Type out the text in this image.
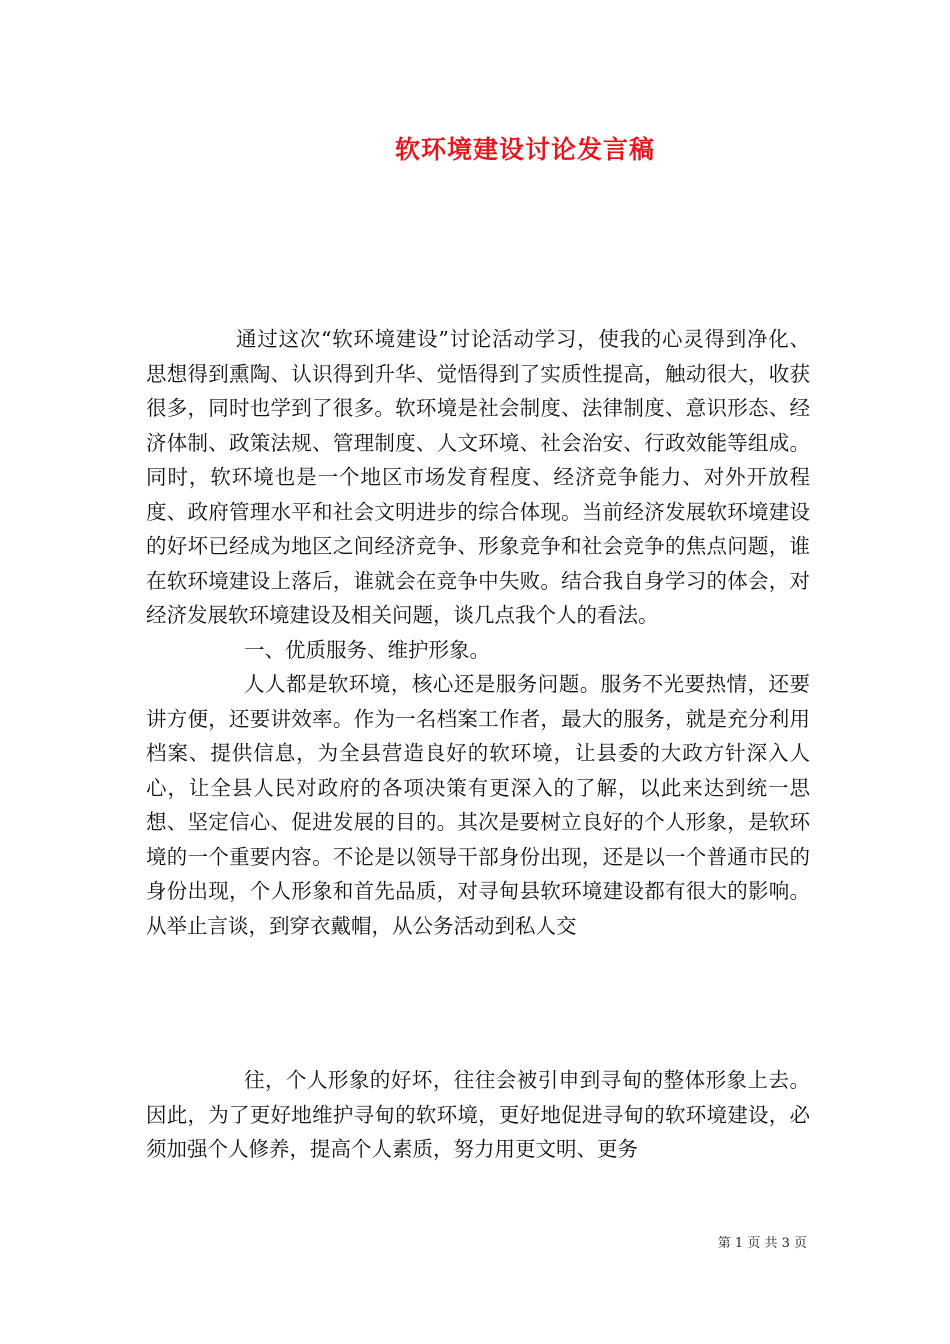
软环境建设讨论发言稿

通过这次“软环境建设”讨论活动学习，使我的心灵得到净化、思想得到熏陶、认识得到升华、觉悟得到了实质性提高，触动很大，收获很多，同时也学到了很多。软环境是社会制度、法律制度、意识形态、经济体制、政策法规、管理制度、人文环境、社会治安、行政效能等组成。同时，软环境也是一个地区市场发育程度、经济竞争能力、对外开放程度、政府管理水平和社会文明进步的综合体现。当前经济发展软环境建设的好坏已经成为地区之间经济竞争、形象竞争和社会竞争的焦点问题，谁在软环境建设上落后，谁就会在竞争中失败。结合我自身学习的体会，对经济发展软环境建设及相关问题，谈几点我个人的看法。

一、优质服务、维护形象。

人人都是软环境，核心还是服务问题。服务不光要热情，还要讲方便，还要讲效率。作为一名档案工作者，最大的服务，就是充分利用档案、提供信息，为全县营造良好的软环境，让县委的大政方针深入人心，让全县人民对政府的各项决策有更深入的了解，以此来达到统一思想、坚定信心、促进发展的目的。其次是要树立良好的个人形象，是软环境的一个重要内容。不论是以领导干部身份出现，还是以一个普通市民的身份出现，个人形象和首先品质，对寻甸县软环境建设都有很大的影响。从举止言谈，到穿衣戴帽，从公务活动到私人交

往，个人形象的好坏，往往会被引申到寻甸的整体形象上去。因此，为了更好地维护寻甸的软环境，更好地促进寻甸的软环境建设，必须加强个人修养，提高个人素质，努力用更文明、更务

第 1 页 共 3 页
